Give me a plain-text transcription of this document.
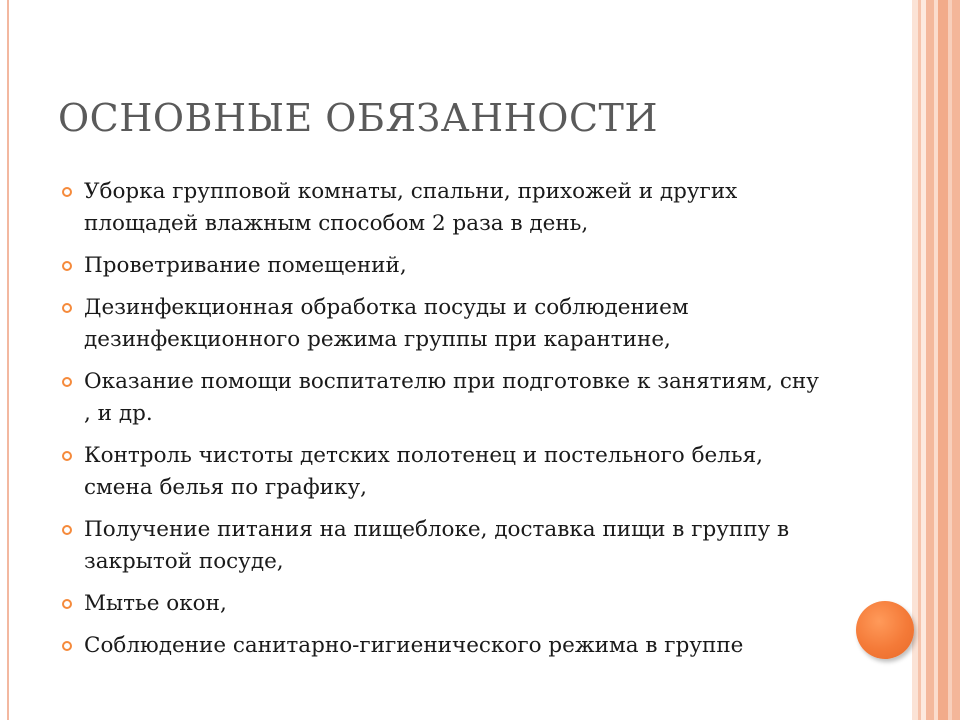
ОСНОВНЫЕ ОБЯЗАННОСТИ
Уборка групповой комнаты, спальни, прихожей и других площадей влажным способом 2 раза в день,
Проветривание помещений,
Дезинфекционная обработка посуды и соблюдением дезинфекционного режима группы при карантине,
Оказание помощи воспитателю при подготовке к занятиям, сну , и др.
Контроль чистоты детских полотенец и постельного белья, смена белья по графику,
Получение питания на пищеблоке, доставка пищи в группу в закрытой посуде,
Мытье окон,
Соблюдение санитарно-гигиенического режима в группе
